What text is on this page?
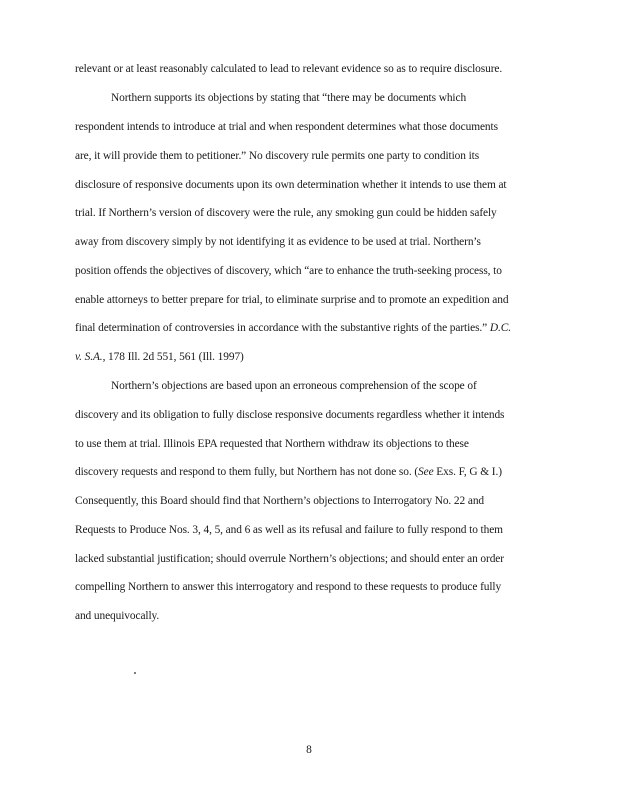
relevant or at least reasonably calculated to lead to relevant evidence so as to require disclosure.
Northern supports its objections by stating that “there may be documents which
respondent intends to introduce at trial and when respondent determines what those documents
are, it will provide them to petitioner.” No discovery rule permits one party to condition its
disclosure of responsive documents upon its own determination whether it intends to use them at
trial. If Northern’s version of discovery were the rule, any smoking gun could be hidden safely
away from discovery simply by not identifying it as evidence to be used at trial. Northern’s
position offends the objectives of discovery, which “are to enhance the truth-seeking process, to
enable attorneys to better prepare for trial, to eliminate surprise and to promote an expedition and
final determination of controversies in accordance with the substantive rights of the parties.” D.C.
v. S.A., 178 Ill. 2d 551, 561 (Ill. 1997)
Northern’s objections are based upon an erroneous comprehension of the scope of
discovery and its obligation to fully disclose responsive documents regardless whether it intends
to use them at trial. Illinois EPA requested that Northern withdraw its objections to these
discovery requests and respond to them fully, but Northern has not done so. (See Exs. F, G & I.)
Consequently, this Board should find that Northern’s objections to Interrogatory No. 22 and
Requests to Produce Nos. 3, 4, 5, and 6 as well as its refusal and failure to fully respond to them
lacked substantial justification; should overrule Northern’s objections; and should enter an order
compelling Northern to answer this interrogatory and respond to these requests to produce fully
and unequivocally.
8
